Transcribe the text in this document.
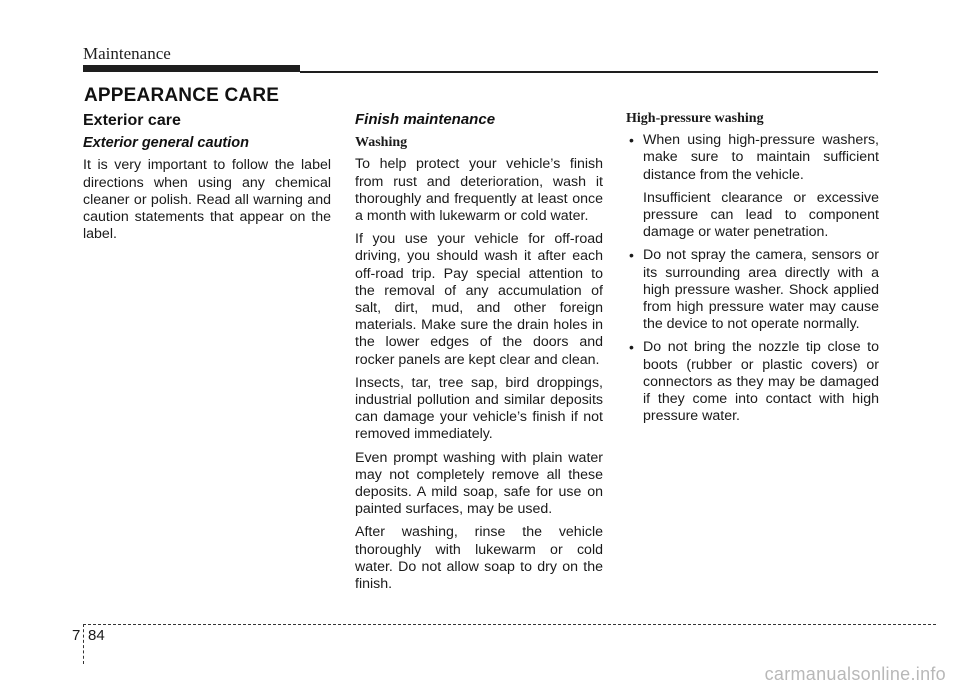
Maintenance
APPEARANCE CARE
Exterior care
Exterior general caution

It is very important to follow the label directions when using any chemical cleaner or polish. Read all warning and caution statements that appear on the label.

Finish maintenance
Washing

To help protect your vehicle’s finish from rust and deterioration, wash it thoroughly and frequently at least once a month with lukewarm or cold water.

If you use your vehicle for off-road driving, you should wash it after each off-road trip. Pay special attention to the removal of any accumulation of salt, dirt, mud, and other foreign materials. Make sure the drain holes in the lower edges of the doors and rocker panels are kept clear and clean.

Insects, tar, tree sap, bird droppings, industrial pollution and similar deposits can damage your vehicle’s finish if not removed immediately.

Even prompt washing with plain water may not completely remove all these deposits. A mild soap, safe for use on painted surfaces, may be used.

After washing, rinse the vehicle thoroughly with lukewarm or cold water. Do not allow soap to dry on the finish.

High-pressure washing
• When using high-pressure washers, make sure to maintain sufficient distance from the vehicle.

Insufficient clearance or excessive pressure can lead to component damage or water penetration.

• Do not spray the camera, sensors or its surrounding area directly with a high pressure washer. Shock applied from high pressure water may cause the device to not operate normally.

• Do not bring the nozzle tip close to boots (rubber or plastic covers) or connectors as they may be damaged if they come into contact with high pressure water.

7 84
carmanualsonline.info
